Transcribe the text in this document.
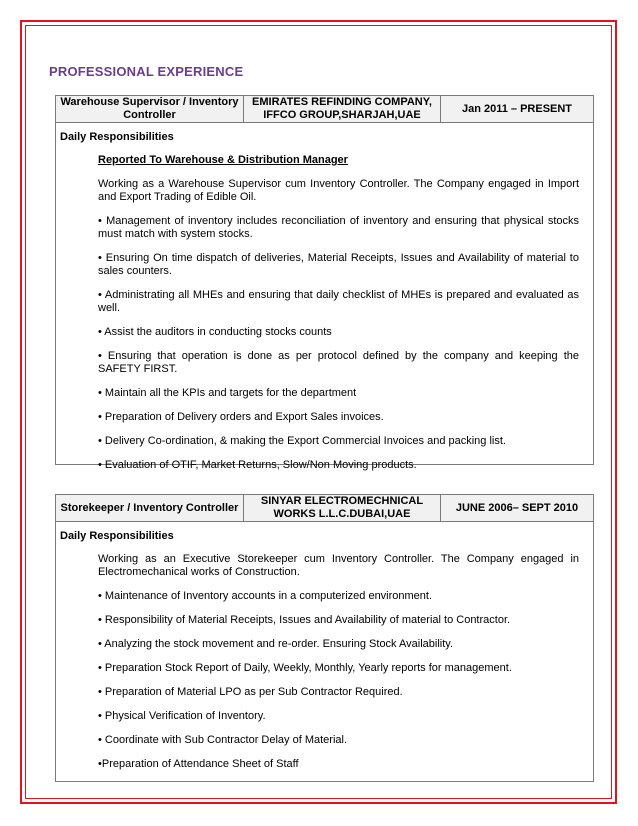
PROFESSIONAL EXPERIENCE
Warehouse Supervisor / Inventory Controller
EMIRATES REFINDING COMPANY, IFFCO GROUP,SHARJAH,UAE
Jan 2011 – PRESENT
Daily Responsibilities
Reported To Warehouse & Distribution Manager
Working as a Warehouse Supervisor cum Inventory Controller. The Company engaged in Import and Export Trading of Edible Oil.
• Management of inventory includes reconciliation of inventory and ensuring that physical stocks must match with system stocks.
• Ensuring On time dispatch of deliveries, Material Receipts, Issues and Availability of material to sales counters.
• Administrating all MHEs and ensuring that daily checklist of MHEs is prepared and evaluated as well.
• Assist the auditors in conducting stocks counts
• Ensuring that operation is done as per protocol defined by the company and keeping the SAFETY FIRST.
• Maintain all the KPIs and targets for the department
• Preparation of Delivery orders and Export Sales invoices.
• Delivery Co-ordination, & making the Export Commercial Invoices and packing list.
• Evaluation of OTIF, Market Returns, Slow/Non Moving products.
Storekeeper / Inventory Controller
SINYAR ELECTROMECHNICAL WORKS L.L.C.DUBAI,UAE
JUNE 2006– SEPT 2010
Daily Responsibilities
Working as an Executive Storekeeper cum Inventory Controller. The Company engaged in Electromechanical works of Construction.
• Maintenance of Inventory accounts in a computerized environment.
• Responsibility of Material Receipts, Issues and Availability of material to Contractor.
• Analyzing the stock movement and re-order. Ensuring Stock Availability.
• Preparation Stock Report of Daily, Weekly, Monthly, Yearly reports for management.
• Preparation of Material LPO as per Sub Contractor Required.
• Physical Verification of Inventory.
• Coordinate with Sub Contractor Delay of Material.
•Preparation of Attendance Sheet of Staff
